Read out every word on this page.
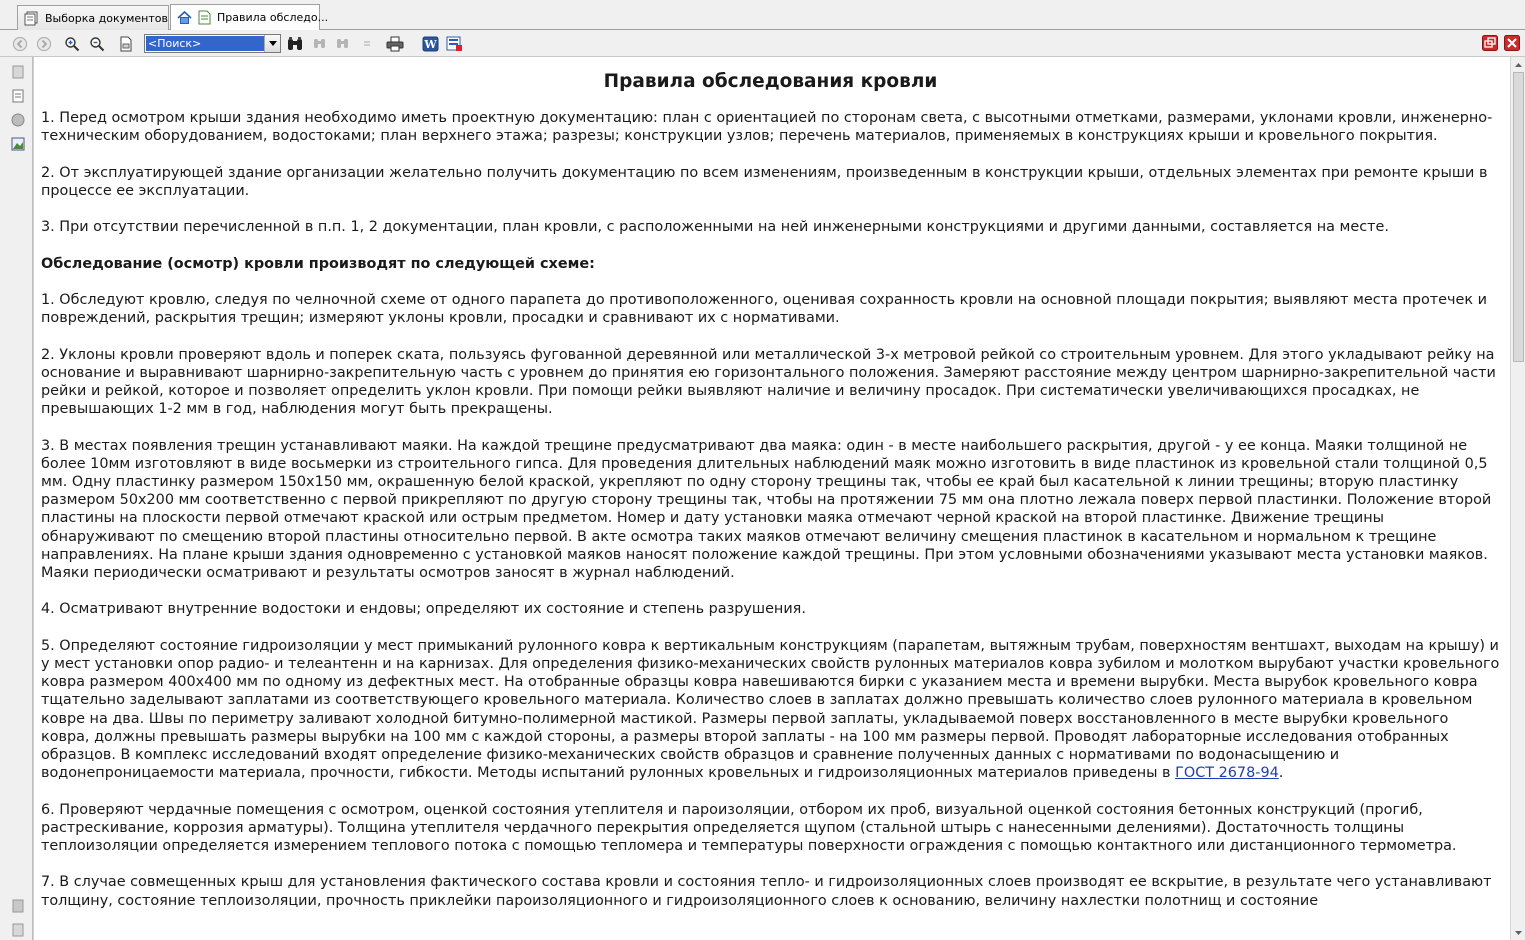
Выборка документов	Правила обследо...
<Поиск>
W
Правила обследования кровли

1. Перед осмотром крыши здания необходимо иметь проектную документацию: план с ориентацией по сторонам света, с высотными отметками, размерами, уклонами кровли, инженерно-техническим оборудованием, водостоками; план верхнего этажа; разрезы; конструкции узлов; перечень материалов, применяемых в конструкциях крыши и кровельного покрытия.

2. От эксплуатирующей здание организации желательно получить документацию по всем изменениям, произведенным в конструкции крыши, отдельных элементах при ремонте крыши в процессе ее эксплуатации.

3. При отсутствии перечисленной в п.п. 1, 2 документации, план кровли, с расположенными на ней инженерными конструкциями и другими данными, составляется на месте.

Обследование (осмотр) кровли производят по следующей схеме:

1. Обследуют кровлю, следуя по челночной схеме от одного парапета до противоположенного, оценивая сохранность кровли на основной площади покрытия; выявляют места протечек и повреждений, раскрытия трещин; измеряют уклоны кровли, просадки и сравнивают их с нормативами.

2. Уклоны кровли проверяют вдоль и поперек ската, пользуясь фугованной деревянной или металлической 3-х метровой рейкой со строительным уровнем. Для этого укладывают рейку на основание и выравнивают шарнирно-закрепительную часть с уровнем до принятия ею горизонтального положения. Замеряют расстояние между центром шарнирно-закрепительной части рейки и рейкой, которое и позволяет определить уклон кровли. При помощи рейки выявляют наличие и величину просадок. При систематически увеличивающихся просадках, не превышающих 1-2 мм в год, наблюдения могут быть прекращены.

3. В местах появления трещин устанавливают маяки. На каждой трещине предусматривают два маяка: один - в месте наибольшего раскрытия, другой - у ее конца. Маяки толщиной не более 10мм изготовляют в виде восьмерки из строительного гипса. Для проведения длительных наблюдений маяк можно изготовить в виде пластинок из кровельной стали толщиной 0,5 мм. Одну пластинку размером 150х150 мм, окрашенную белой краской, укрепляют по одну сторону трещины так, чтобы ее край был касательной к линии трещины; вторую пластинку размером 50х200 мм соответственно с первой прикрепляют по другую сторону трещины так, чтобы на протяжении 75 мм она плотно лежала поверх первой пластинки. Положение второй пластины на плоскости первой отмечают краской или острым предметом. Номер и дату установки маяка отмечают черной краской на второй пластинке. Движение трещины обнаруживают по смещению второй пластины относительно первой. В акте осмотра таких маяков отмечают величину смещения пластинок в касательном и нормальном к трещине направлениях. На плане крыши здания одновременно с установкой маяков наносят положение каждой трещины. При этом условными обозначениями указывают места установки маяков. Маяки периодически осматривают и результаты осмотров заносят в журнал наблюдений.

4. Осматривают внутренние водостоки и ендовы; определяют их состояние и степень разрушения.

5. Определяют состояние гидроизоляции у мест примыканий рулонного ковра к вертикальным конструкциям (парапетам, вытяжным трубам, поверхностям вентшахт, выходам на крышу) и у мест установки опор радио- и телеантенн и на карнизах. Для определения физико-механических свойств рулонных материалов ковра зубилом и молотком вырубают участки кровельного ковра размером 400х400 мм по одному из дефектных мест. На отобранные образцы ковра навешиваются бирки с указанием места и времени вырубки. Места вырубок кровельного ковра тщательно заделывают заплатами из соответствующего кровельного материала. Количество слоев в заплатах должно превышать количество слоев рулонного материала в кровельном ковре на два. Швы по периметру заливают холодной битумно-полимерной мастикой. Размеры первой заплаты, укладываемой поверх восстановленного в месте вырубки кровельного ковра, должны превышать размеры вырубки на 100 мм с каждой стороны, а размеры второй заплаты - на 100 мм размеры первой. Проводят лабораторные исследования отобранных образцов. В комплекс исследований входят определение физико-механических свойств образцов и сравнение полученных данных с нормативами по водонасыщению и водонепроницаемости материала, прочности, гибкости. Методы испытаний рулонных кровельных и гидроизоляционных материалов приведены в ГОСТ 2678-94.

6. Проверяют чердачные помещения с осмотром, оценкой состояния утеплителя и пароизоляции, отбором их проб, визуальной оценкой состояния бетонных конструкций (прогиб, растрескивание, коррозия арматуры). Толщина утеплителя чердачного перекрытия определяется щупом (стальной штырь с нанесенными делениями). Достаточность толщины теплоизоляции определяется измерением теплового потока с помощью тепломера и температуры поверхности ограждения с помощью контактного или дистанционного термометра.

7. В случае совмещенных крыш для установления фактического состава кровли и состояния тепло- и гидроизоляционных слоев производят ее вскрытие, в результате чего устанавливают толщину, состояние теплоизоляции, прочность приклейки пароизоляционного и гидроизоляционного слоев к основанию, величину нахлестки полотнищ и состояние
